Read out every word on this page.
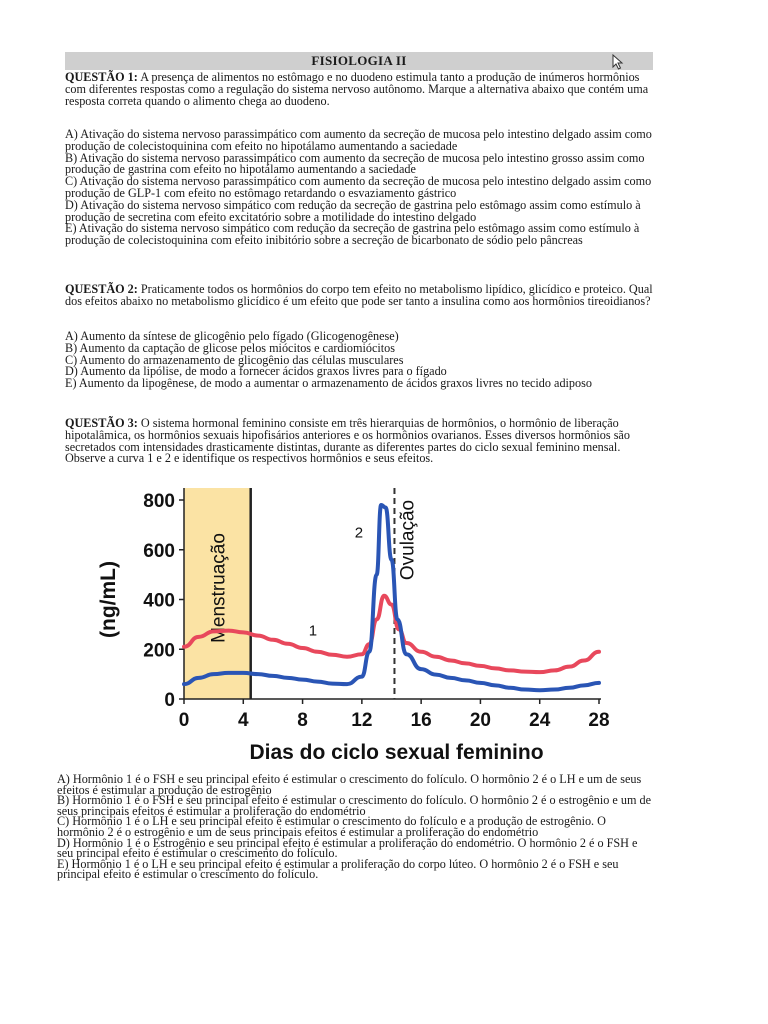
FISIOLOGIA II

QUESTÃO 1: A presença de alimentos no estômago e no duodeno estimula tanto a produção de inúmeros hormônios com diferentes respostas como a regulação do sistema nervoso autônomo. Marque a alternativa abaixo que contém uma resposta correta quando o alimento chega ao duodeno.

A) Ativação do sistema nervoso parassimpático com aumento da secreção de mucosa pelo intestino delgado assim como produção de colecistoquinina com efeito no hipotálamo aumentando a saciedade

B) Ativação do sistema nervoso parassimpático com aumento da secreção de mucosa pelo intestino grosso assim como produção de gastrina com efeito no hipotálamo aumentando a saciedade

C) Ativação do sistema nervoso parassimpático com aumento da secreção de mucosa pelo intestino delgado assim como produção de GLP-1 com efeito no estômago retardando o esvaziamento gástrico

D) Ativação do sistema nervoso simpático com redução da secreção de gastrina pelo estômago assim como estímulo à produção de secretina com efeito excitatório sobre a motilidade do intestino delgado

E) Ativação do sistema nervoso simpático com redução da secreção de gastrina pelo estômago assim como estímulo à produção de colecistoquinina com efeito inibitório sobre a secreção de bicarbonato de sódio pelo pâncreas

QUESTÃO 2: Praticamente todos os hormônios do corpo tem efeito no metabolismo lipídico, glicídico e proteico. Qual dos efeitos abaixo no metabolismo glicídico é um efeito que pode ser tanto a insulina como aos hormônios tireoidianos?

A) Aumento da síntese de glicogênio pelo fígado (Glicogenogênese)

B) Aumento da captação de glicose pelos miócitos e cardiomiócitos

C) Aumento do armazenamento de glicogênio das células musculares

D) Aumento da lipólise, de modo a fornecer ácidos graxos livres para o fígado

E) Aumento da lipogênese, de modo a aumentar o armazenamento de ácidos graxos livres no tecido adiposo

QUESTÃO 3: O sistema hormonal feminino consiste em três hierarquias de hormônios, o hormônio de liberação hipotalâmica, os hormônios sexuais hipofisários anteriores e os hormônios ovarianos. Esses diversos hormônios são secretados com intensidades drasticamente distintas, durante as diferentes partes do ciclo sexual feminino mensal. Observe a curva 1 e 2 e identifique os respectivos hormônios e seus efeitos.

Menstruação	Ovulação
0
200
400
600
800
0	4	8 12 16 20 24 28
Dias do ciclo sexual feminino
(ng/mL)	1
2

A) Hormônio 1 é o FSH e seu principal efeito é estimular o crescimento do folículo. O hormônio 2 é o LH e um de seus efeitos é estimular a produção de estrogênio

B) Hormônio 1 é o FSH e seu principal efeito é estimular o crescimento do folículo. O hormônio 2 é o estrogênio e um de seus principais efeitos é estimular a proliferação do endométrio

C) Hormônio 1 é o LH e seu principal efeito é estimular o crescimento do folículo e a produção de estrogênio. O hormônio 2 é o estrogênio e um de seus principais efeitos é estimular a proliferação do endométrio

D) Hormônio 1 é o Estrogênio e seu principal efeito é estimular a proliferação do endométrio. O hormônio 2 é o FSH e seu principal efeito é estimular o crescimento do folículo.

E) Hormônio 1 é o LH e seu principal efeito é estimular a proliferação do corpo lúteo. O hormônio 2 é o FSH e seu principal efeito é estimular o crescimento do folículo.
